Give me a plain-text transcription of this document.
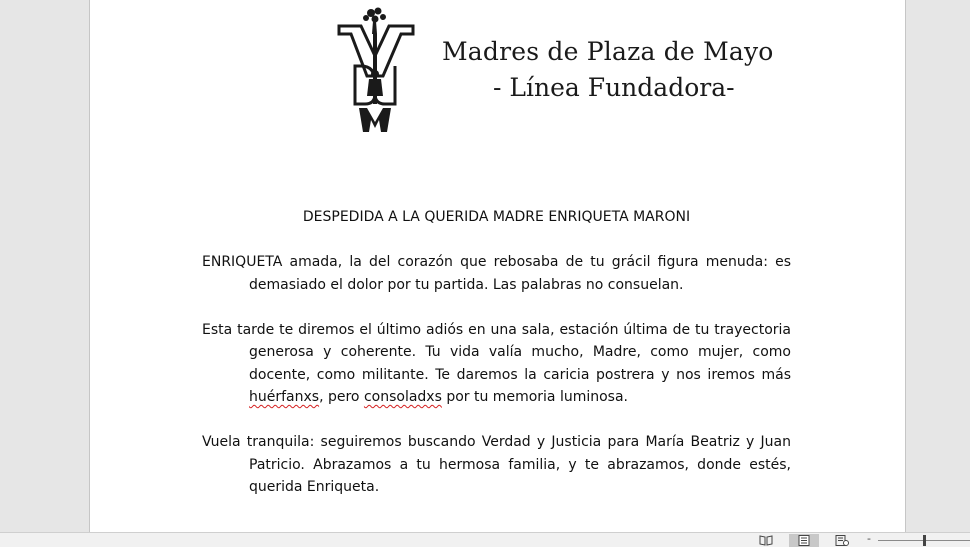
Madres de Plaza de Mayo
- Línea Fundadora-

DESPEDIDA A LA QUERIDA MADRE ENRIQUETA MARONI

ENRIQUETA amada, la del corazón que rebosaba de tu grácil figura menuda: es demasiado el dolor por tu partida. Las palabras no consuelan.

Esta tarde te diremos el último adiós en una sala, estación última de tu trayectoria generosa y coherente. Tu vida valía mucho, Madre, como mujer, como docente, como militante. Te daremos la caricia postrera y nos iremos más huérfanxs, pero consoladxs por tu memoria luminosa.

Vuela tranquila: seguiremos buscando Verdad y Justicia para María Beatriz y Juan Patricio. Abrazamos a tu hermosa familia, y te abrazamos, donde estés, querida Enriqueta.

-
